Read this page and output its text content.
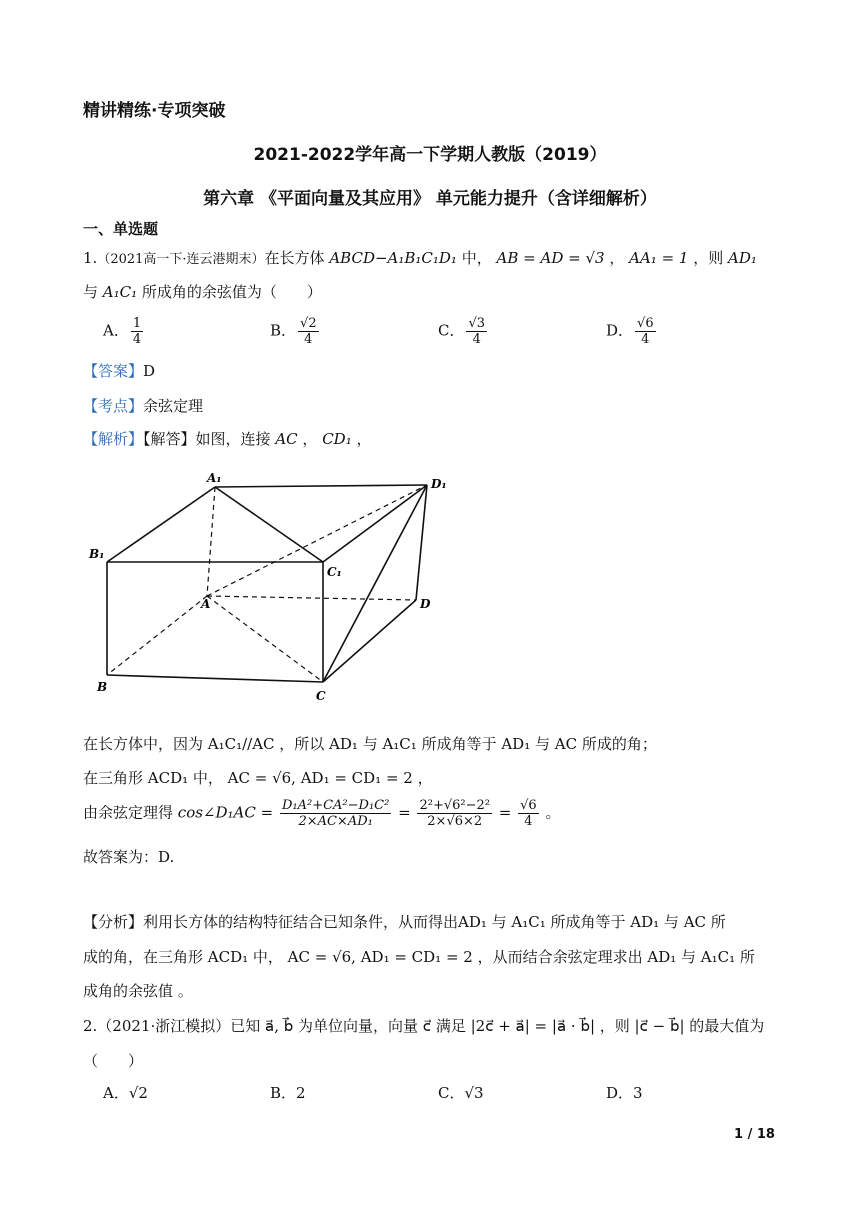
精讲精练·专项突破
2021-2022学年高一下学期人教版（2019）
第六章 《平面向量及其应用》 单元能力提升（含详细解析）
一、单选题
1.（2021高一下·连云港期末）在长方体 ABCD−A₁B₁C₁D₁ 中， AB = AD = √3 ， AA₁ = 1 ，则 AD₁
与 A₁C₁ 所成角的余弦值为（　　）
A． $\frac{1}{4}$	B． $\frac{√2}{4}$	C． $\frac{√3}{4}$	D． $\frac{√6}{4}$
【答案】D
【考点】余弦定理
【解析】【解答】如图，连接 AC ， CD₁ ，
A₁	D₁
B₁
C₁
A	D
B
C
在长方体中，因为 A₁C₁//AC ，所以 AD₁ 与 A₁C₁ 所成角等于 AD₁ 与 AC 所成的角；
在三角形 ACD₁ 中， AC = √6, AD₁ = CD₁ = 2 ，
由余弦定理得 cos∠D₁AC = $\frac{\text{D₁A²+CA²−D₁C²}}{\text{2×AC×AD₁}} = \frac{\text{2²+√6²−2²}}{2\times√6\times 2} = \frac{√6}{4}$ 。
故答案为：D.
【分析】利用长方体的结构特征结合已知条件，从而得出AD₁ 与 A₁C₁ 所成角等于 AD₁ 与 AC 所
成的角，在三角形 ACD₁ 中， AC = √6, AD₁ = CD₁ = 2 ，从而结合余弦定理求出 AD₁ 与 A₁C₁ 所
成角的余弦值 。
2.（2021·浙江模拟）已知 a⃗, b⃗ 为单位向量，向量 c⃗ 满足 |2c⃗ + a⃗| = |a⃗ · b⃗| ，则 |c⃗ − b⃗| 的最大值为
（　　）
A．√2	B．2	C．√3	D．3
1 / 18
